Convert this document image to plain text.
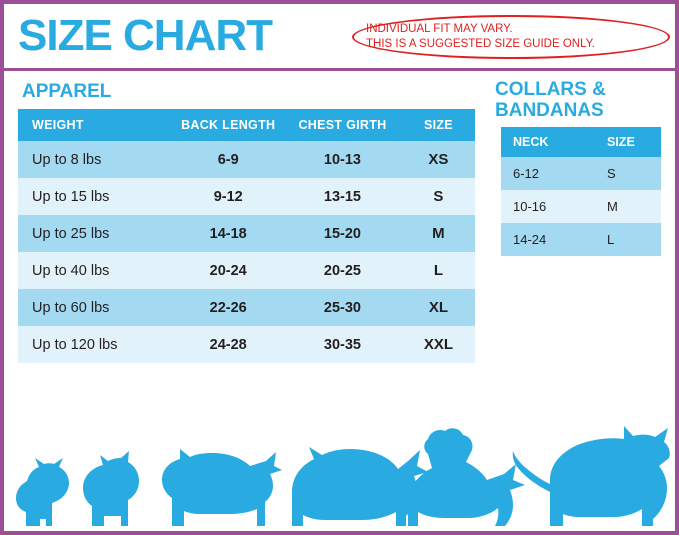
SIZE CHART	INDIVIDUAL FIT MAY VARY.
THIS IS A SUGGESTED SIZE GUIDE ONLY.
APPAREL
WEIGHT	BACK LENGTH	CHEST GIRTH	SIZE
Up to 8 lbs	6-9	10-13	XS
Up to 15 lbs	9-12	13-15	S
Up to 25 lbs	14-18	15-20	M
Up to 40 lbs	20-24	20-25	L
Up to 60 lbs	22-26	25-30	XL
Up to 120 lbs	24-28	30-35	XXL
COLLARS &
BANDANAS
NECK	SIZE
6-12	S
10-16	M
14-24	L
